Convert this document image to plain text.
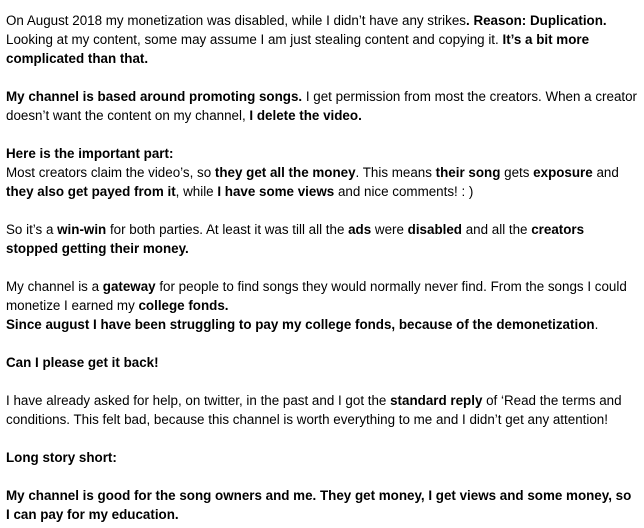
On August 2018 my monetization was disabled, while I didn’t have any strikes. Reason: Duplication. Looking at my content, some may assume I am just stealing content and copying it. It’s a bit more complicated than that.

My channel is based around promoting songs. I get permission from most the creators. When a creator doesn’t want the content on my channel, I delete the video.

Here is the important part:
Most creators claim the video’s, so they get all the money. This means their song gets exposure and they also get payed from it, while I have some views and nice comments! : )

So it’s a win-win for both parties. At least it was till all the ads were disabled and all the creators stopped getting their money.

My channel is a gateway for people to find songs they would normally never find. From the songs I could monetize I earned my college fonds.
Since august I have been struggling to pay my college fonds, because of the demonetization.

Can I please get it back!

I have already asked for help, on twitter, in the past and I got the standard reply of ‘Read the terms and conditions. This felt bad, because this channel is worth everything to me and I didn’t get any attention!

Long story short:

My channel is good for the song owners and me. They get money, I get views and some money, so I can pay for my education.
